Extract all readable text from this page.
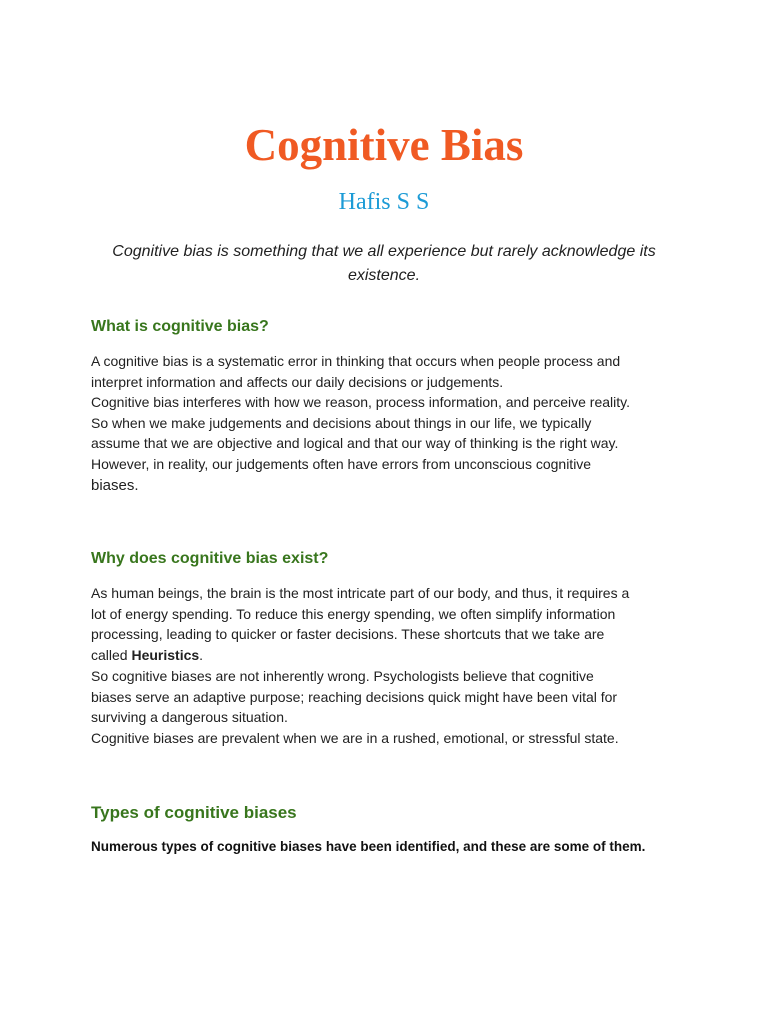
Cognitive Bias
Hafis S S

Cognitive bias is something that we all experience but rarely acknowledge its
existence.

What is cognitive bias?

A cognitive bias is a systematic error in thinking that occurs when people process and
interpret information and affects our daily decisions or judgements.
Cognitive bias interferes with how we reason, process information, and perceive reality.
So when we make judgements and decisions about things in our life, we typically
assume that we are objective and logical and that our way of thinking is the right way.
However, in reality, our judgements often have errors from unconscious cognitive
biases.

Why does cognitive bias exist?

As human beings, the brain is the most intricate part of our body, and thus, it requires a
lot of energy spending. To reduce this energy spending, we often simplify information
processing, leading to quicker or faster decisions. These shortcuts that we take are
called Heuristics.
So cognitive biases are not inherently wrong. Psychologists believe that cognitive
biases serve an adaptive purpose; reaching decisions quick might have been vital for
surviving a dangerous situation.
Cognitive biases are prevalent when we are in a rushed, emotional, or stressful state.

Types of cognitive biases

Numerous types of cognitive biases have been identified, and these are some of them.
